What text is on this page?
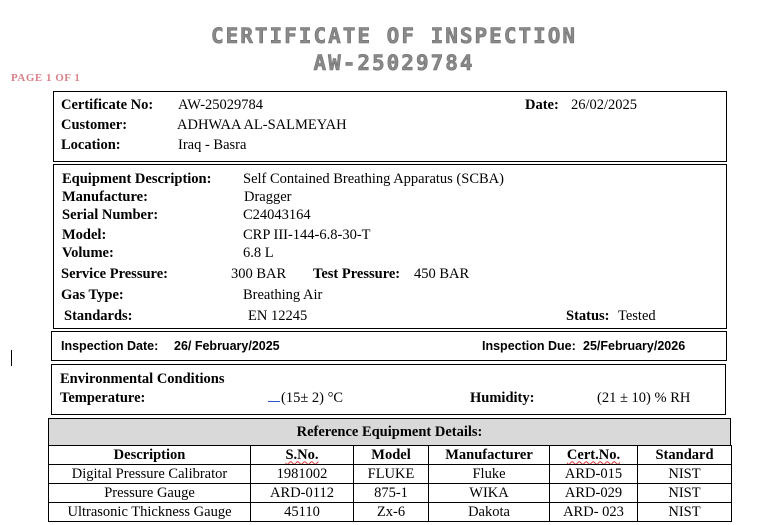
CERTIFICATE OF INSPECTION
AW-25029784
PAGE 1 OF 1
Certificate No: AW-25029784	Date: 26/02/2025
Customer:	ADHWAA AL-SALMEYAH
Location:	Iraq - Basra
Equipment Description: Self Contained Breathing Apparatus (SCBA)
Manufacture:	Dragger
Serial Number:	C24043164
Model:	CRP III-144-6.8-30-T
Volume:	6.8 L
Service Pressure:	300 BAR Test Pressure: 450 BAR
Gas Type:	Breathing Air
Standards:	EN 12245	Status: Tested
Inspection Date: 26/ February/2025	Inspection Due: 25/February/2026
Environmental Conditions
Temperature:	(15± 2) °C	Humidity:	(21 ± 10) % RH
Reference Equipment Details:
Description	S.No.	Model	Manufacturer	Cert.No.	Standard
Digital Pressure Calibrator	1981002	FLUKE	Fluke	ARD-015	NIST
Pressure Gauge	ARD-0112	875-1	WIKA	ARD-029	NIST
Ultrasonic Thickness Gauge	45110	Zx-6	Dakota	ARD- 023	NIST
